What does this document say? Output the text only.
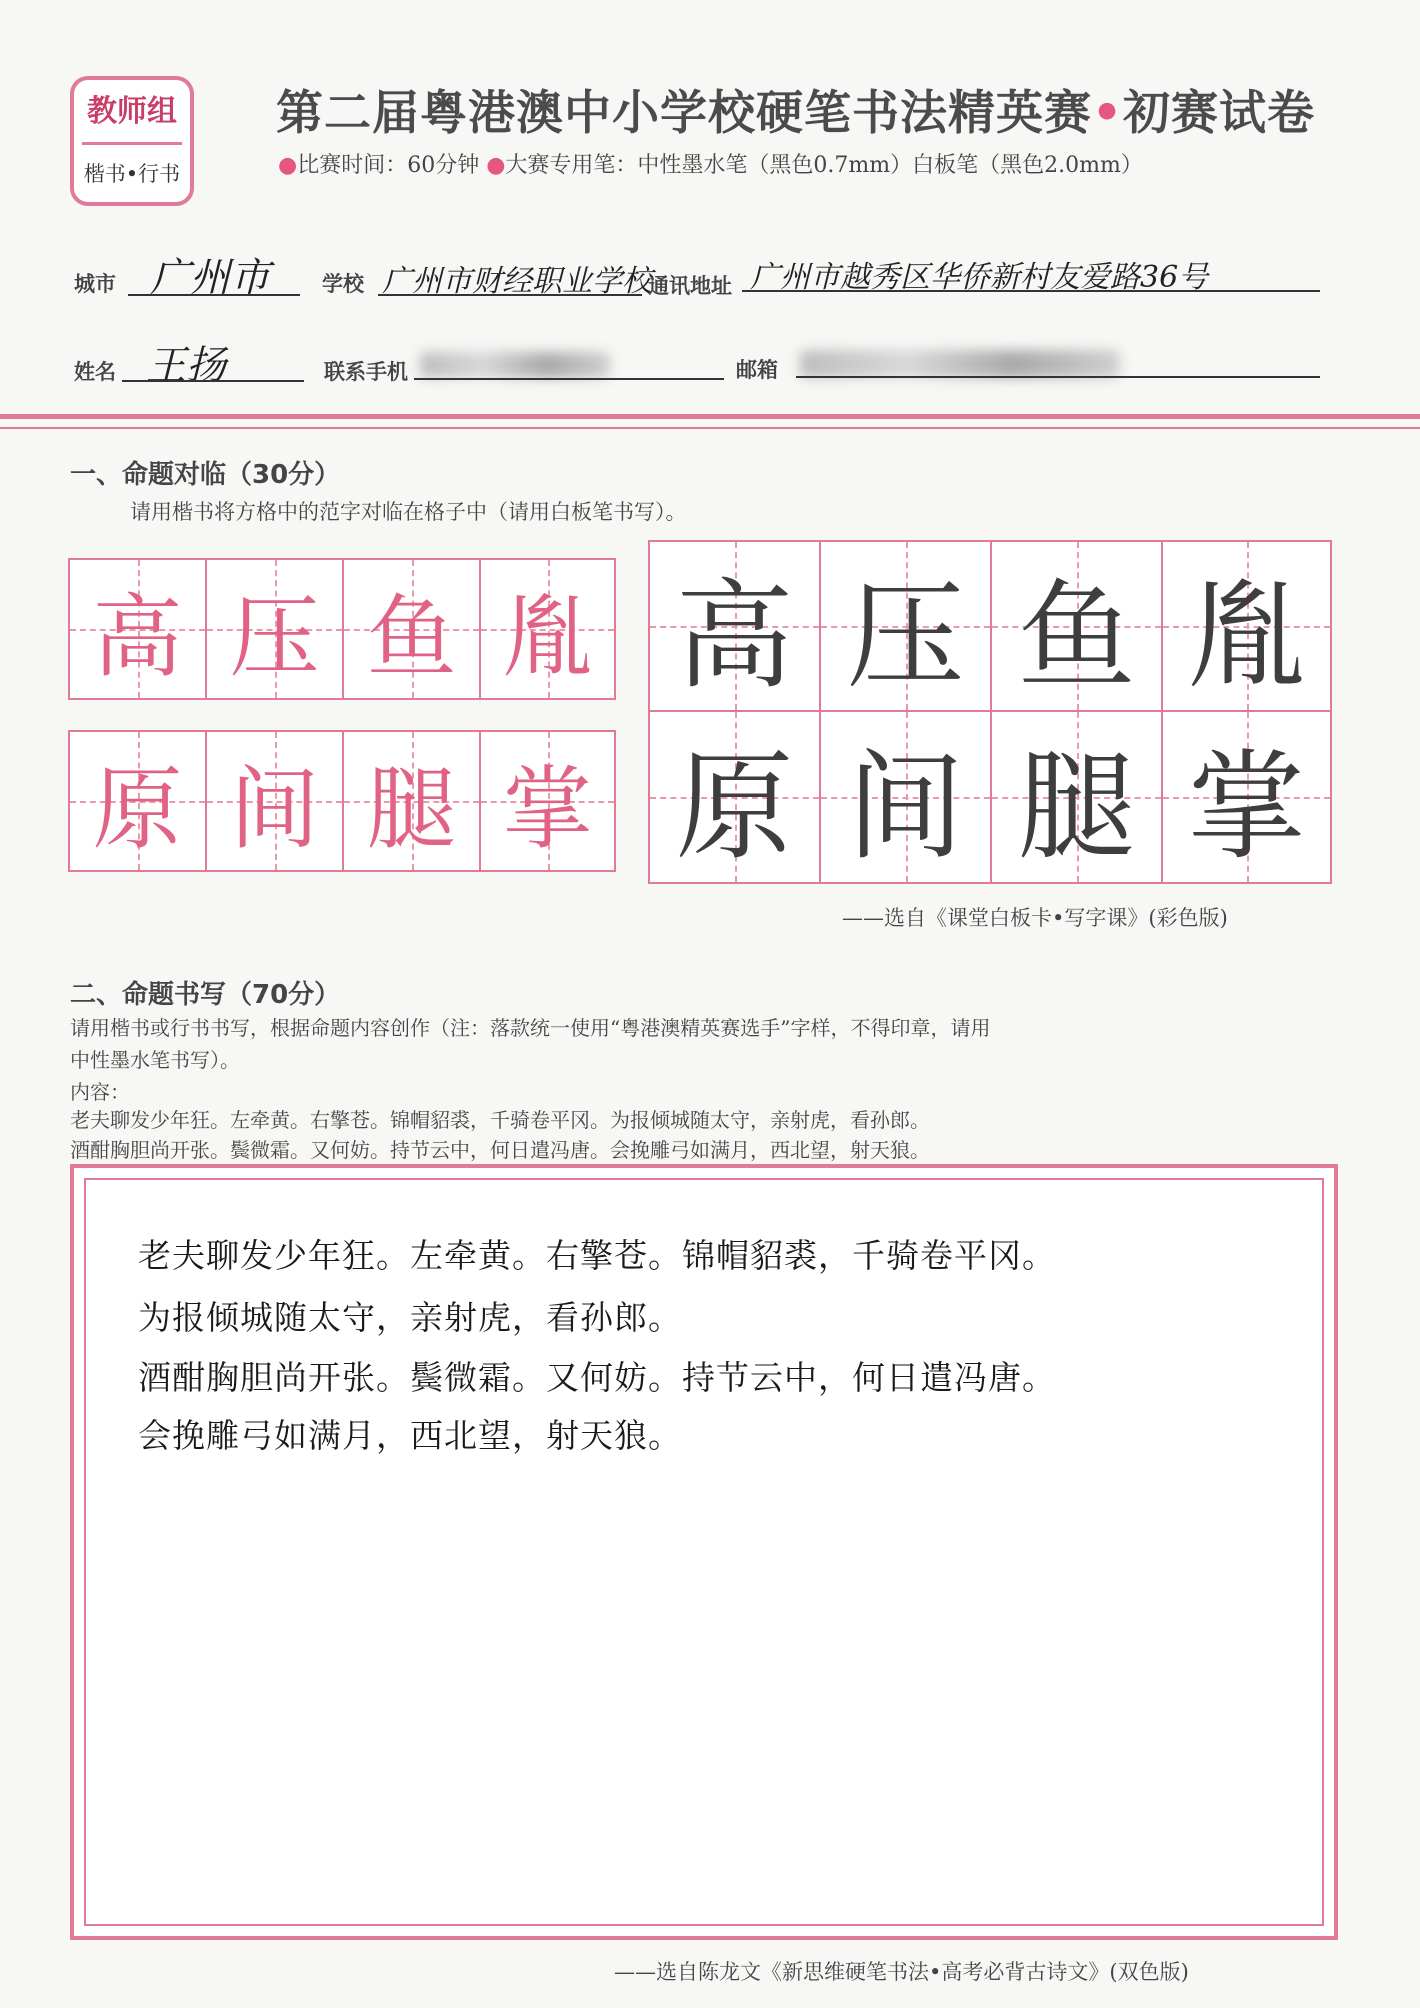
教师组
楷书•行书
第二届粤港澳中小学校硬笔书法精英赛•初赛试卷
●比赛时间：60分钟 ●大赛专用笔：中性墨水笔（黑色0.7mm）白板笔（黑色2.0mm）
城市 广州市 学校 广州市财经职业学校
通讯地址 广州市越秀区华侨新村友爱路36号
姓名 王扬	联系手机	邮箱
一、命题对临（30分）
请用楷书将方格中的范字对临在格子中（请用白板笔书写）。
高 压 鱼 胤
原 间 腿 掌
高 压 鱼 胤
原 间 腿 掌
——选自《课堂白板卡•写字课》(彩色版)
二、命题书写（70分）
请用楷书或行书书写，根据命题内容创作（注：落款统一使用“粤港澳精英赛选手”字样，不得印章，请用
中性墨水笔书写）。
内容：
老夫聊发少年狂。左牵黄。右擎苍。锦帽貂裘，千骑卷平冈。为报倾城随太守，亲射虎，看孙郎。
酒酣胸胆尚开张。鬓微霜。又何妨。持节云中，何日遣冯唐。会挽雕弓如满月，西北望，射天狼。
老夫聊发少年狂。左牵黄。右擎苍。锦帽貂裘，千骑卷平冈。
为报倾城随太守，亲射虎，看孙郎。
酒酣胸胆尚开张。鬓微霜。又何妨。持节云中，何日遣冯唐。
会挽雕弓如满月，西北望，射天狼。
——选自陈龙文《新思维硬笔书法•高考必背古诗文》(双色版)
